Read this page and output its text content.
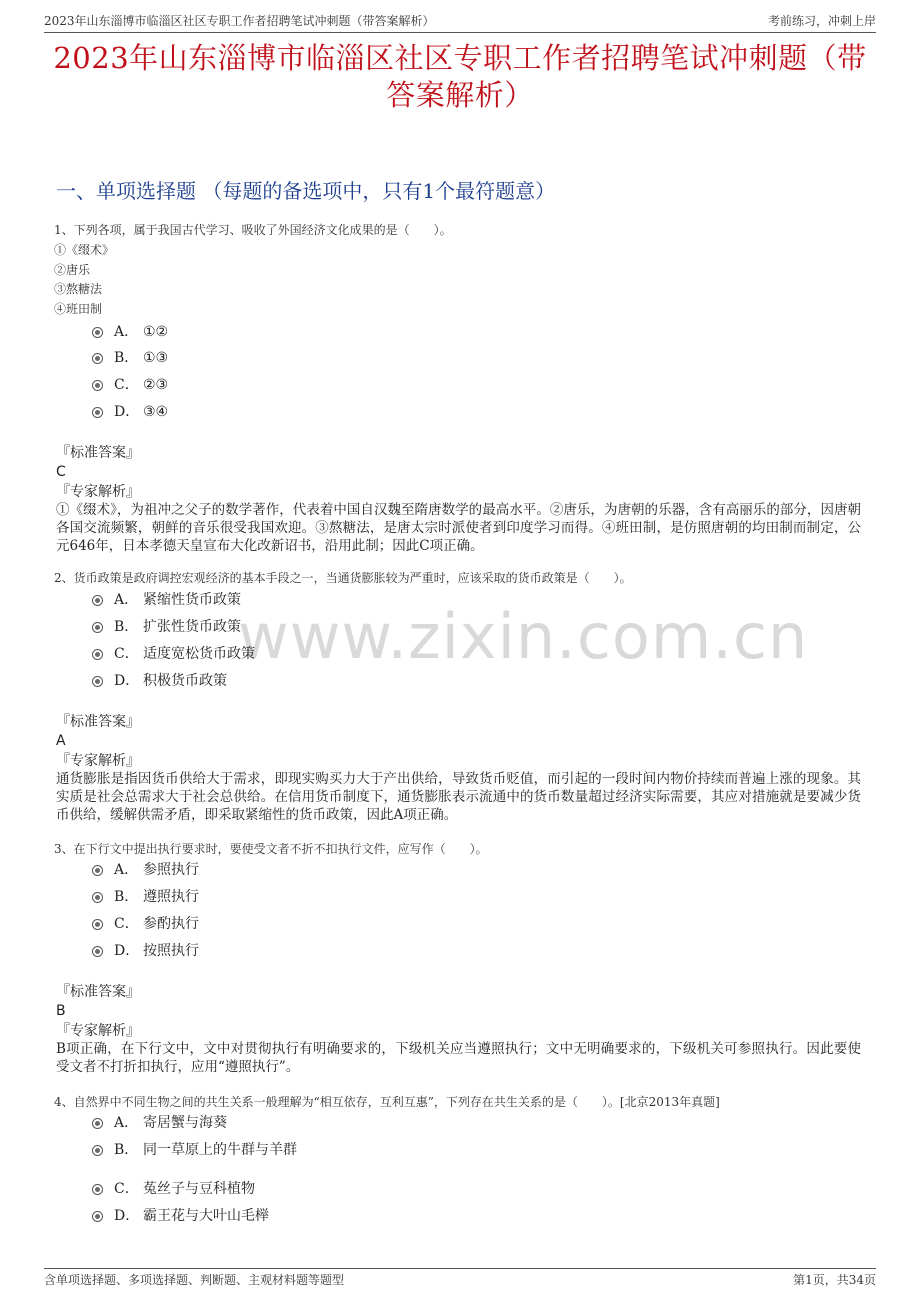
2023年山东淄博市临淄区社区专职工作者招聘笔试冲刺题（带答案解析）	考前练习，冲刺上岸
2023年山东淄博市临淄区社区专职工作者招聘笔试冲刺题（带答案解析）
一、单项选择题 （每题的备选项中，只有1个最符题意）
www.zixin.com.cn
1、下列各项，属于我国古代学习、吸收了外国经济文化成果的是（　　）。
①《缀术》
②唐乐
③熬糖法
④班田制
A． ①②
B． ①③
C． ②③
D． ③④
『标准答案』
C
『专家解析』
①《缀术》，为祖冲之父子的数学著作，代表着中国自汉魏至隋唐数学的最高水平。②唐乐，为唐朝的乐器，含有高丽乐的部分，因唐朝各国交流频繁，朝鲜的音乐很受我国欢迎。③熬糖法，是唐太宗时派使者到印度学习而得。④班田制，是仿照唐朝的均田制而制定，公元646年，日本孝德天皇宣布大化改新诏书，沿用此制；因此C项正确。
2、货币政策是政府调控宏观经济的基本手段之一，当通货膨胀较为严重时，应该采取的货币政策是（　　）。
A． 紧缩性货币政策
B． 扩张性货币政策
C． 适度宽松货币政策
D． 积极货币政策
『标准答案』
A
『专家解析』
通货膨胀是指因货币供给大于需求，即现实购买力大于产出供给，导致货币贬值，而引起的一段时间内物价持续而普遍上涨的现象。其实质是社会总需求大于社会总供给。在信用货币制度下，通货膨胀表示流通中的货币数量超过经济实际需要，其应对措施就是要减少货币供给，缓解供需矛盾，即采取紧缩性的货币政策，因此A项正确。
3、在下行文中提出执行要求时，要使受文者不折不扣执行文件，应写作（　　）。
A． 参照执行
B． 遵照执行
C． 参酌执行
D． 按照执行
『标准答案』
B
『专家解析』
B项正确，在下行文中，文中对贯彻执行有明确要求的，下级机关应当遵照执行；文中无明确要求的，下级机关可参照执行。因此要使受文者不打折扣执行，应用“遵照执行”。
4、自然界中不同生物之间的共生关系一般理解为“相互依存，互利互惠”，下列存在共生关系的是（　　）。[北京2013年真题]
A． 寄居蟹与海葵
B． 同一草原上的牛群与羊群
C． 菟丝子与豆科植物
D． 霸王花与大叶山毛榉
含单项选择题、多项选择题、判断题、主观材料题等题型	第1页，共34页
